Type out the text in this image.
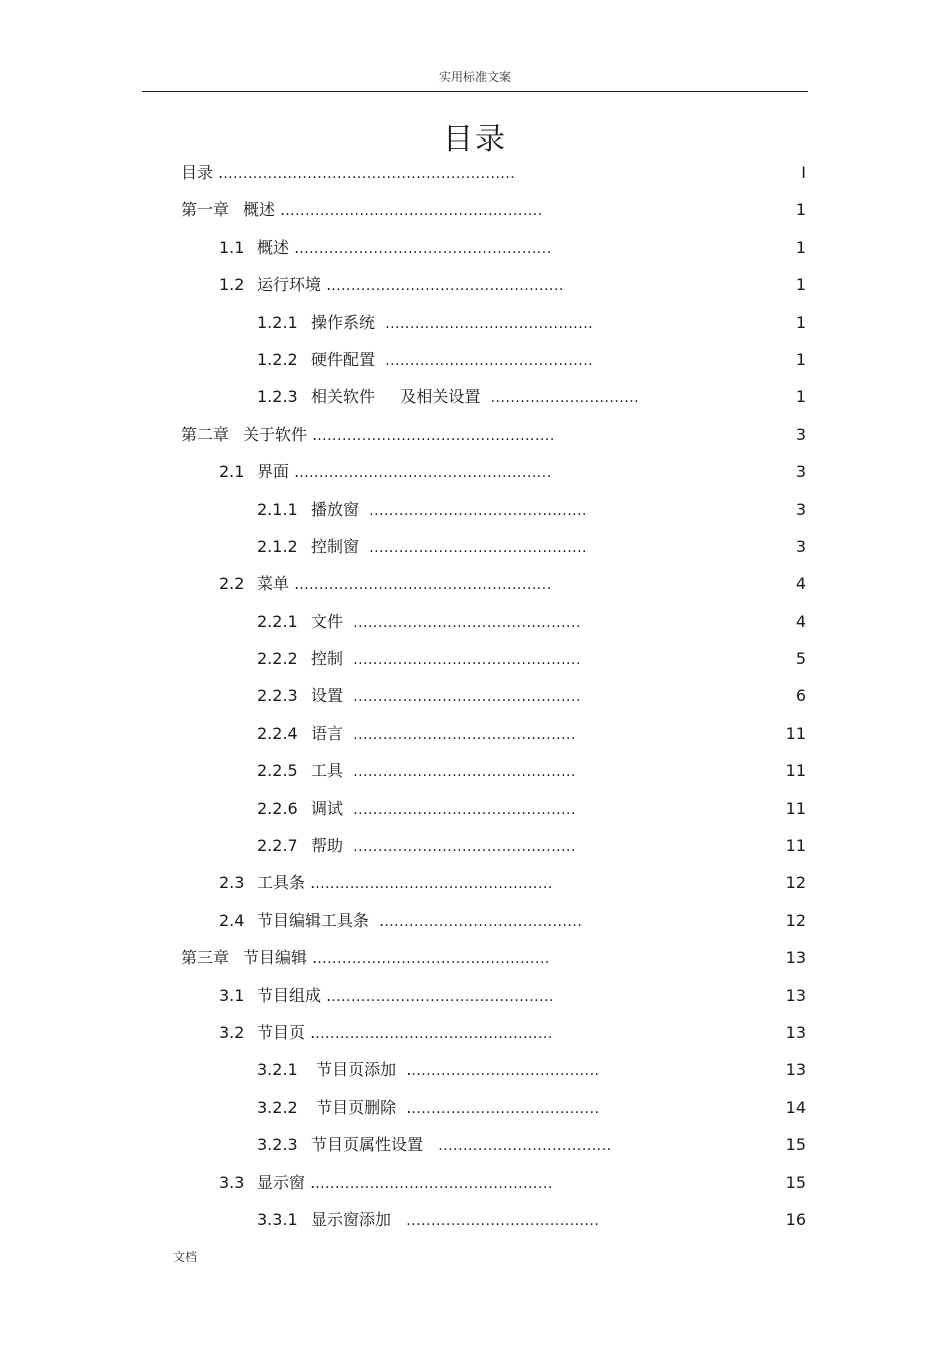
实用标准文案
目录
目录 ............................................................	I
第一章 概述 .....................................................	1
1.1 概述 ....................................................	1
1.2 运行环境 ................................................	1
1.2.1 操作系统  ..........................................	1
1.2.2 硬件配置  ..........................................	1
1.2.3 相关软件     及相关设置  ..............................	1
第二章 关于软件 .................................................	3
2.1 界面 ....................................................	3
2.1.1 播放窗  ............................................	3
2.1.2 控制窗  ............................................	3
2.2 菜单 ....................................................	4
2.2.1 文件  ..............................................	4
2.2.2 控制  ..............................................	5
2.2.3 设置  ..............................................	6
2.2.4 语言  .............................................	11
2.2.5 工具  .............................................	11
2.2.6 调试  .............................................	11
2.2.7 帮助  .............................................	11
2.3 工具条 .................................................	12
2.4 节目编辑工具条  .........................................	12
第三章 节目编辑 ................................................	13
3.1 节目组成 ..............................................	13
3.2 节目页 .................................................	13
3.2.1 节目页添加  .......................................	13
3.2.2 节目页删除  .......................................	14
3.2.3 节目页属性设置   ...................................	15
3.3 显示窗 .................................................	15
3.3.1 显示窗添加   .......................................	16
文档
